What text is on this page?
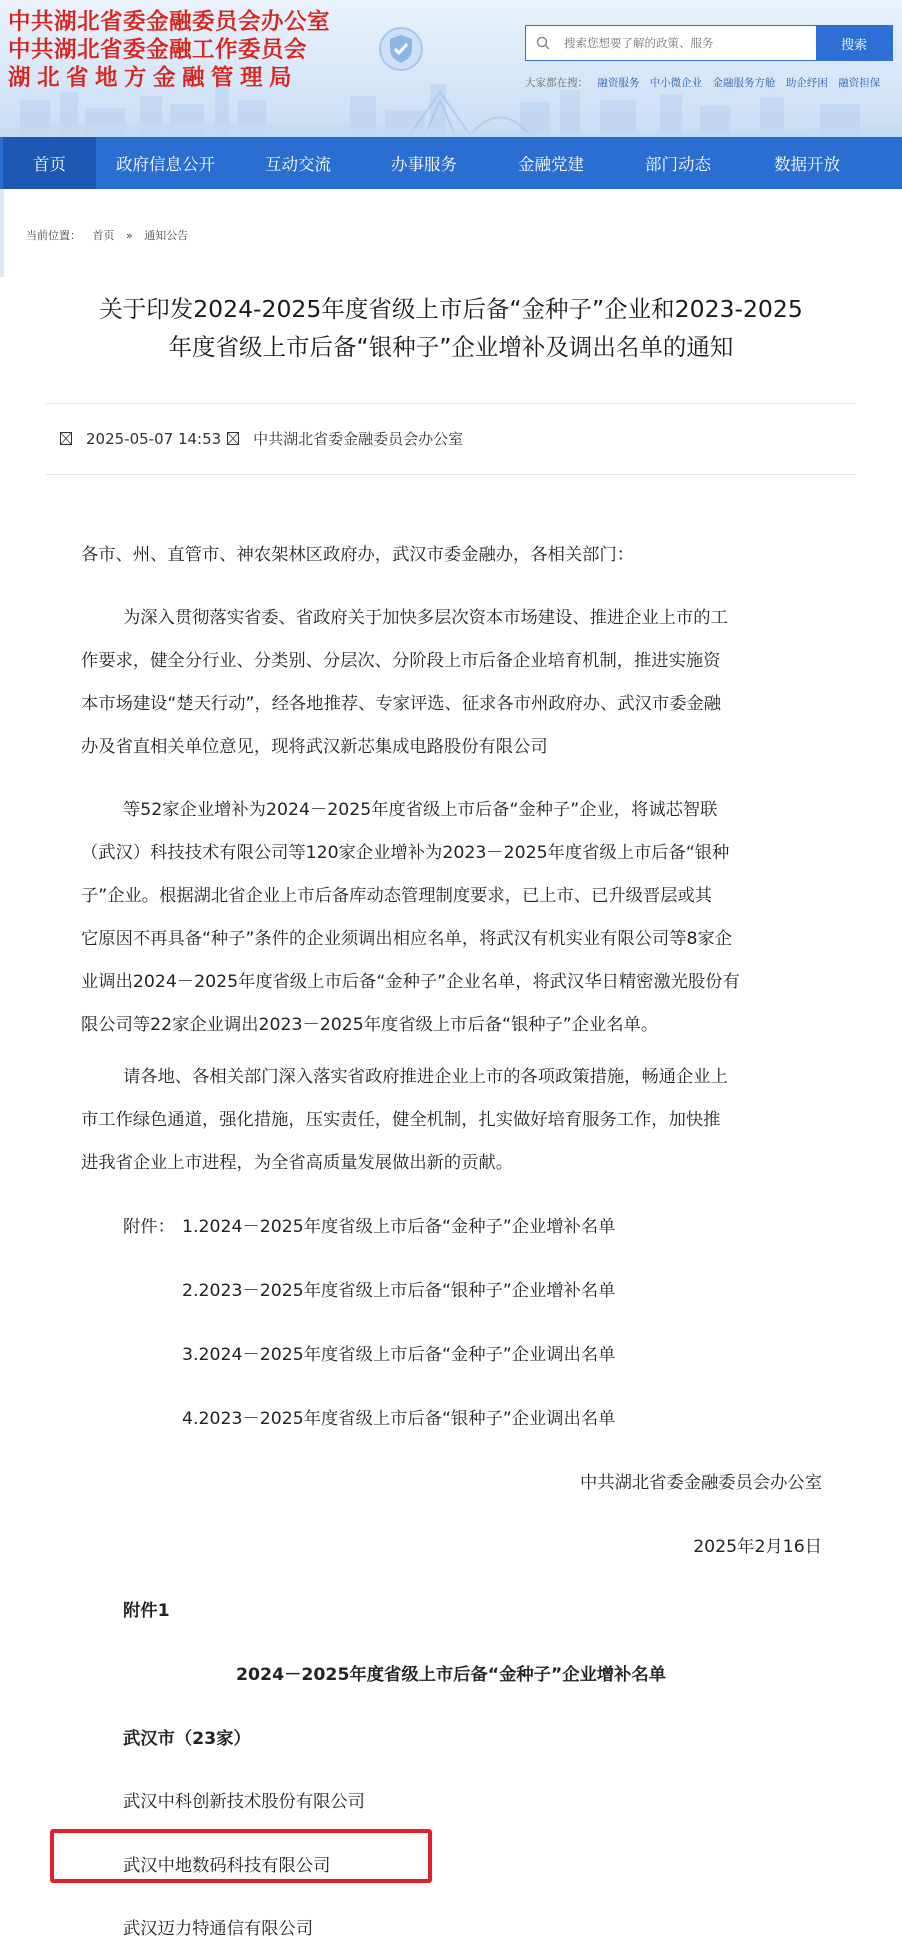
中共湖北省委金融委员会办公室
中共湖北省委金融工作委员会
湖北省地方金融管理局
搜索您想要了解的政策、服务
搜索
大家都在搜： 融资服务 中小微企业 金融服务方舱 助企纾困 融资担保
首页	政府信息公开	互动交流	办事服务	金融党建	部门动态	数据开放
当前位置： 首页 » 通知公告
关于印发2024-2025年度省级上市后备“金种子”企业和2023-2025
年度省级上市后备“银种子”企业增补及调出名单的通知
2025-05-07 14:53 中共湖北省委金融委员会办公室
各市、州、直管市、神农架林区政府办，武汉市委金融办，各相关部门：
为深入贯彻落实省委、省政府关于加快多层次资本市场建设、推进企业上市的工
作要求，健全分行业、分类别、分层次、分阶段上市后备企业培育机制，推进实施资
本市场建设“楚天行动”，经各地推荐、专家评选、征求各市州政府办、武汉市委金融
办及省直相关单位意见，现将武汉新芯集成电路股份有限公司
等52家企业增补为2024－2025年度省级上市后备“金种子”企业，将诚芯智联
（武汉）科技技术有限公司等120家企业增补为2023－2025年度省级上市后备“银种
子”企业。根据湖北省企业上市后备库动态管理制度要求，已上市、已升级晋层或其
它原因不再具备“种子”条件的企业须调出相应名单，将武汉有机实业有限公司等8家企
业调出2024－2025年度省级上市后备“金种子”企业名单，将武汉华日精密激光股份有
限公司等22家企业调出2023－2025年度省级上市后备“银种子”企业名单。
请各地、各相关部门深入落实省政府推进企业上市的各项政策措施，畅通企业上
市工作绿色通道，强化措施，压实责任，健全机制，扎实做好培育服务工作，加快推
进我省企业上市进程，为全省高质量发展做出新的贡献。
附件： 1.2024－2025年度省级上市后备“金种子”企业增补名单
2.2023－2025年度省级上市后备“银种子”企业增补名单
3.2024－2025年度省级上市后备“金种子”企业调出名单
4.2023－2025年度省级上市后备“银种子”企业调出名单
中共湖北省委金融委员会办公室
2025年2月16日
附件1
2024－2025年度省级上市后备“金种子”企业增补名单
武汉市（23家）
武汉中科创新技术股份有限公司
武汉中地数码科技有限公司
武汉迈力特通信有限公司
